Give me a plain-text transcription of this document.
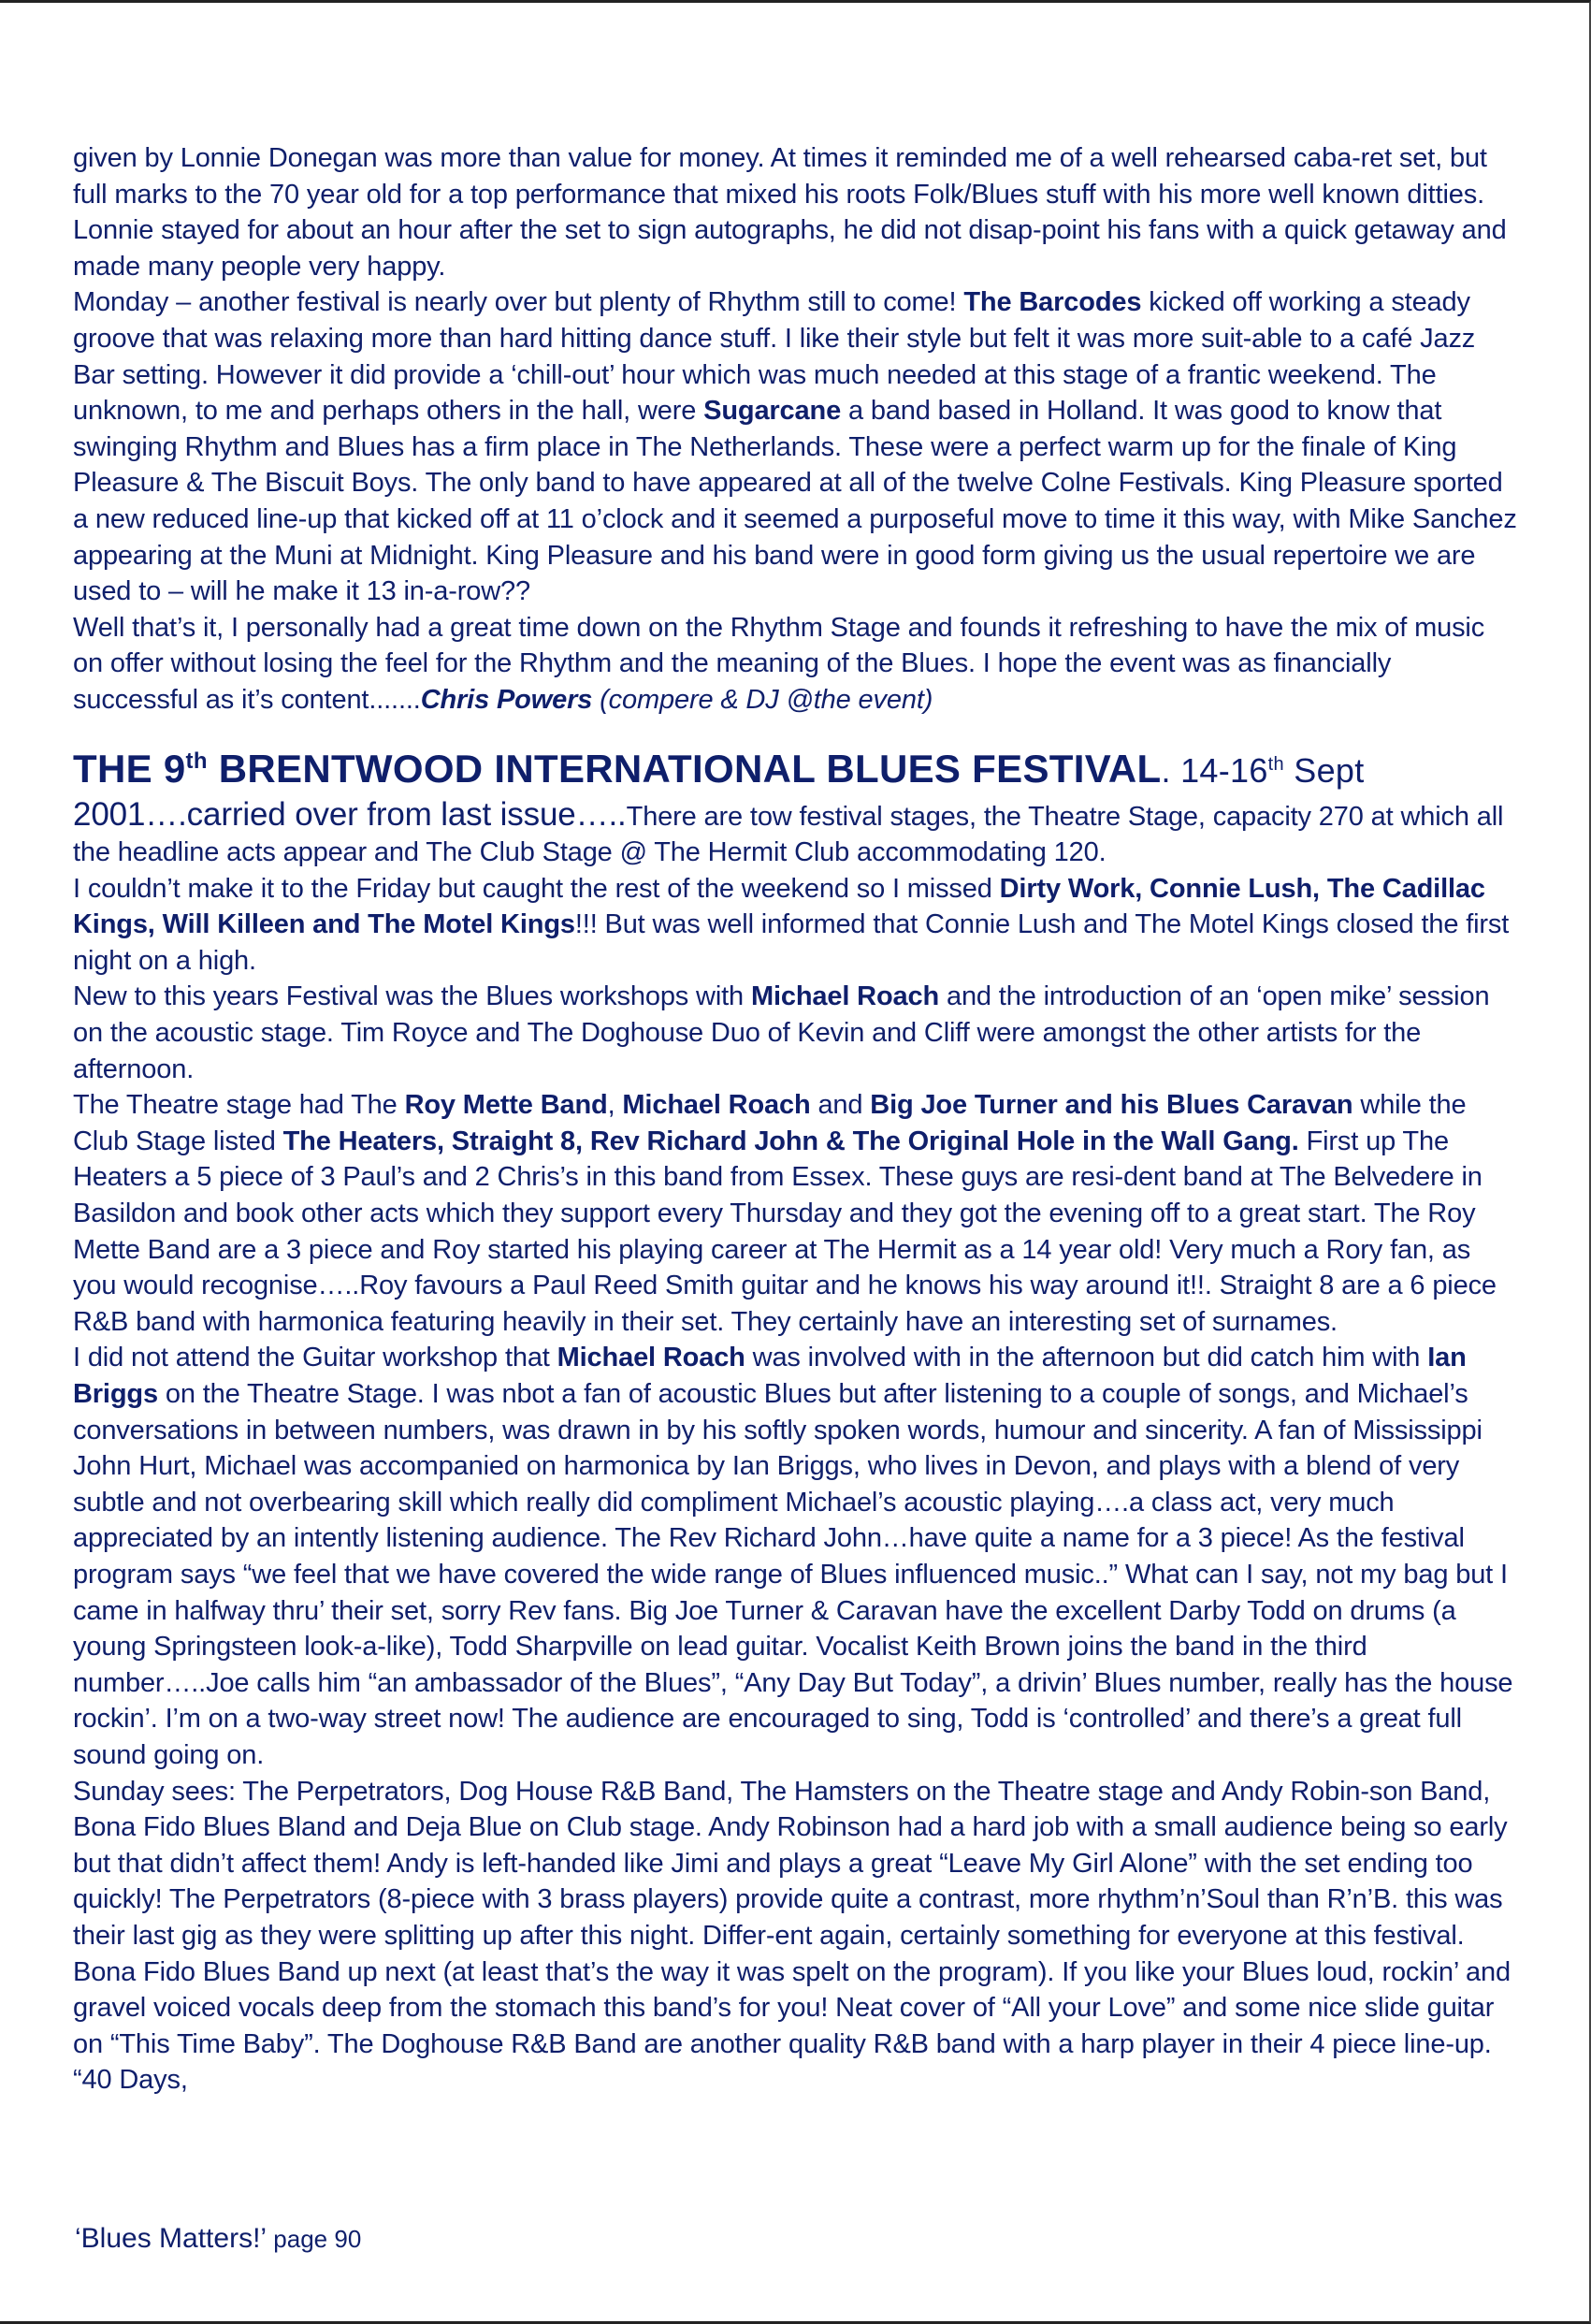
given by Lonnie Donegan was more than value for money. At times it reminded me of a well rehearsed caba-ret set, but full marks to the 70 year old for a top performance that mixed his roots Folk/Blues stuff with his more well known ditties. Lonnie stayed for about an hour after the set to sign autographs, he did not disap-point his fans with a quick getaway and made many people very happy.

Monday – another festival is nearly over but plenty of Rhythm still to come! The Barcodes kicked off working a steady groove that was relaxing more than hard hitting dance stuff. I like their style but felt it was more suit-able to a café Jazz Bar setting. However it did provide a ‘chill-out’ hour which was much needed at this stage of a frantic weekend. The unknown, to me and perhaps others in the hall, were Sugarcane a band based in Holland. It was good to know that swinging Rhythm and Blues has a firm place in The Netherlands. These were a perfect warm up for the finale of King Pleasure & The Biscuit Boys. The only band to have appeared at all of the twelve Colne Festivals. King Pleasure sported a new reduced line-up that kicked off at 11 o’clock and it seemed a purposeful move to time it this way, with Mike Sanchez appearing at the Muni at Midnight. King Pleasure and his band were in good form giving us the usual repertoire we are used to – will he make it 13 in-a-row??

Well that’s it, I personally had a great time down on the Rhythm Stage and founds it refreshing to have the mix of music on offer without losing the feel for the Rhythm and the meaning of the Blues. I hope the event was as financially successful as it’s content.......Chris Powers (compere & DJ @the event)

THE 9th BRENTWOOD INTERNATIONAL BLUES FESTIVAL. 14-16th Sept

2001….carried over from last issue…..There are tow festival stages, the Theatre Stage, capacity 270 at which all the headline acts appear and The Club Stage @ The Hermit Club accommodating 120.

I couldn’t make it to the Friday but caught the rest of the weekend so I missed Dirty Work, Connie Lush, The Cadillac Kings, Will Killeen and The Motel Kings!!! But was well informed that Connie Lush and The Motel Kings closed the first night on a high.

New to this years Festival was the Blues workshops with Michael Roach and the introduction of an ‘open mike’ session on the acoustic stage. Tim Royce and The Doghouse Duo of Kevin and Cliff were amongst the other artists for the afternoon.

The Theatre stage had The Roy Mette Band, Michael Roach and Big Joe Turner and his Blues Caravan while the Club Stage listed The Heaters, Straight 8, Rev Richard John & The Original Hole in the Wall Gang. First up The Heaters a 5 piece of 3 Paul’s and 2 Chris’s in this band from Essex. These guys are resi-dent band at The Belvedere in Basildon and book other acts which they support every Thursday and they got the evening off to a great start. The Roy Mette Band are a 3 piece and Roy started his playing career at The Hermit as a 14 year old! Very much a Rory fan, as you would recognise…..Roy favours a Paul Reed Smith guitar and he knows his way around it!!. Straight 8 are a 6 piece R&B band with harmonica featuring heavily in their set. They certainly have an interesting set of surnames.

I did not attend the Guitar workshop that Michael Roach was involved with in the afternoon but did catch him with Ian Briggs on the Theatre Stage. I was nbot a fan of acoustic Blues but after listening to a couple of songs, and Michael’s conversations in between numbers, was drawn in by his softly spoken words, humour and sincerity. A fan of Mississippi John Hurt, Michael was accompanied on harmonica by Ian Briggs, who lives in Devon, and plays with a blend of very subtle and not overbearing skill which really did compliment Michael’s acoustic playing….a class act, very much appreciated by an intently listening audience. The Rev Richard John…have quite a name for a 3 piece! As the festival program says “we feel that we have covered the wide range of Blues influenced music..” What can I say, not my bag but I came in halfway thru’ their set, sorry Rev fans. Big Joe Turner & Caravan have the excellent Darby Todd on drums (a young Springsteen look-a-like), Todd Sharpville on lead guitar. Vocalist Keith Brown joins the band in the third number…..Joe calls him “an ambassador of the Blues”, “Any Day But Today”, a drivin’ Blues number, really has the house rockin’. I’m on a two-way street now! The audience are encouraged to sing, Todd is ‘controlled’ and there’s a great full sound going on.

Sunday sees: The Perpetrators, Dog House R&B Band, The Hamsters on the Theatre stage and Andy Robin-son Band, Bona Fido Blues Bland and Deja Blue on Club stage. Andy Robinson had a hard job with a small audience being so early but that didn’t affect them! Andy is left-handed like Jimi and plays a great “Leave My Girl Alone” with the set ending too quickly! The Perpetrators (8-piece with 3 brass players) provide quite a contrast, more rhythm’n’Soul than R’n’B. this was their last gig as they were splitting up after this night. Differ-ent again, certainly something for everyone at this festival. Bona Fido Blues Band up next (at least that’s the way it was spelt on the program). If you like your Blues loud, rockin’ and gravel voiced vocals deep from the stomach this band’s for you! Neat cover of “All your Love” and some nice slide guitar on “This Time Baby”. The Doghouse R&B Band are another quality R&B band with a harp player in their 4 piece line-up. “40 Days,

‘Blues Matters!’ page 90
